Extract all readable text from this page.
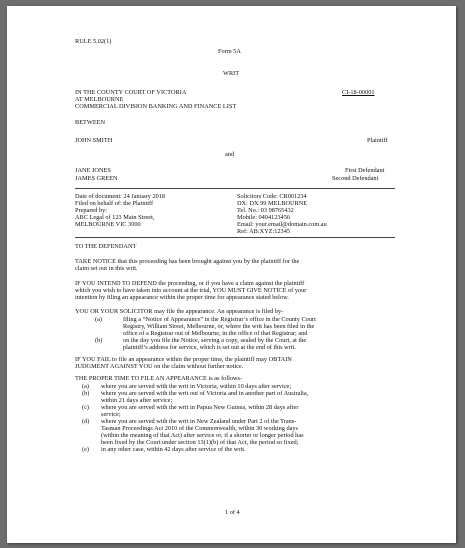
RULE 5.02(1)
Form 5A
WRIT
IN THE COUNTY COURT OF VICTORIA
AT MELBOURNE
COMMERCIAL DIVISION BANKING AND FINANCE LIST
CI-18-00001
BETWEEN
JOHN SMITH	Plaintiff
and
JANE JONES	First Defendant
JAMES GREEN	Second Defendant
Date of document: 24 January 2018
Filed on behalf of: the Plaintiff
Prepared by:
ABC Legal of 123 Main Street,
MELBOURNE VIC 3000
Solicitors Code: CR001234
DX: DX 99 MELBOURNE
Tel. No.: 03 98765432
Mobile: 0404123456
Email: your.email@domain.com.au
Ref: AB:XYZ:12345
TO THE DEFENDANT
TAKE NOTICE that this proceeding has been brought against you by the plaintiff for the
claim set out in this writ.
IF YOU INTEND TO DEFEND the proceeding, or if you have a claim against the plaintiff
which you wish to have taken into account at the trial, YOU MUST GIVE NOTICE of your
intention by filing an appearance within the proper time for appearance stated below.
YOU OR YOUR SOLICITOR may file the appearance. An appearance is filed by-
(a)	filing a “Notice of Appearance” in the Registrar’s office in the County Court
Registry, William Street, Melbourne, or, where the writ has been filed in the
office of a Registrar out of Melbourne, in the office of that Registrar; and
(b)	on the day you file the Notice, serving a copy, sealed by the Court, at the
plaintiff’s address for service, which is set out at the end of this writ.
IF YOU FAIL to file an appearance within the proper time, the plaintiff may OBTAIN
JUDGMENT AGAINST YOU on the claim without further notice.
THE PROPER TIME TO FILE AN APPEARANCE is as follows-
(a) where you are served with the writ in Victoria, within 10 days after service;
(b) where you are served with the writ out of Victoria and in another part of Australia,
within 21 days after service;
(c) where you are served with the writ in Papua New Guinea, within 28 days after
service;
(d) where you are served with the writ in New Zealand under Part 2 of the Trans-
Tasman Proceedings Act 2010 of the Commonwealth, within 30 working days
(within the meaning of that Act) after service or, if a shorter or longer period has
been fixed by the Court under section 13(1)(b) of that Act, the period so fixed;
(e) in any other case, within 42 days after service of the writ.
1 of 4
